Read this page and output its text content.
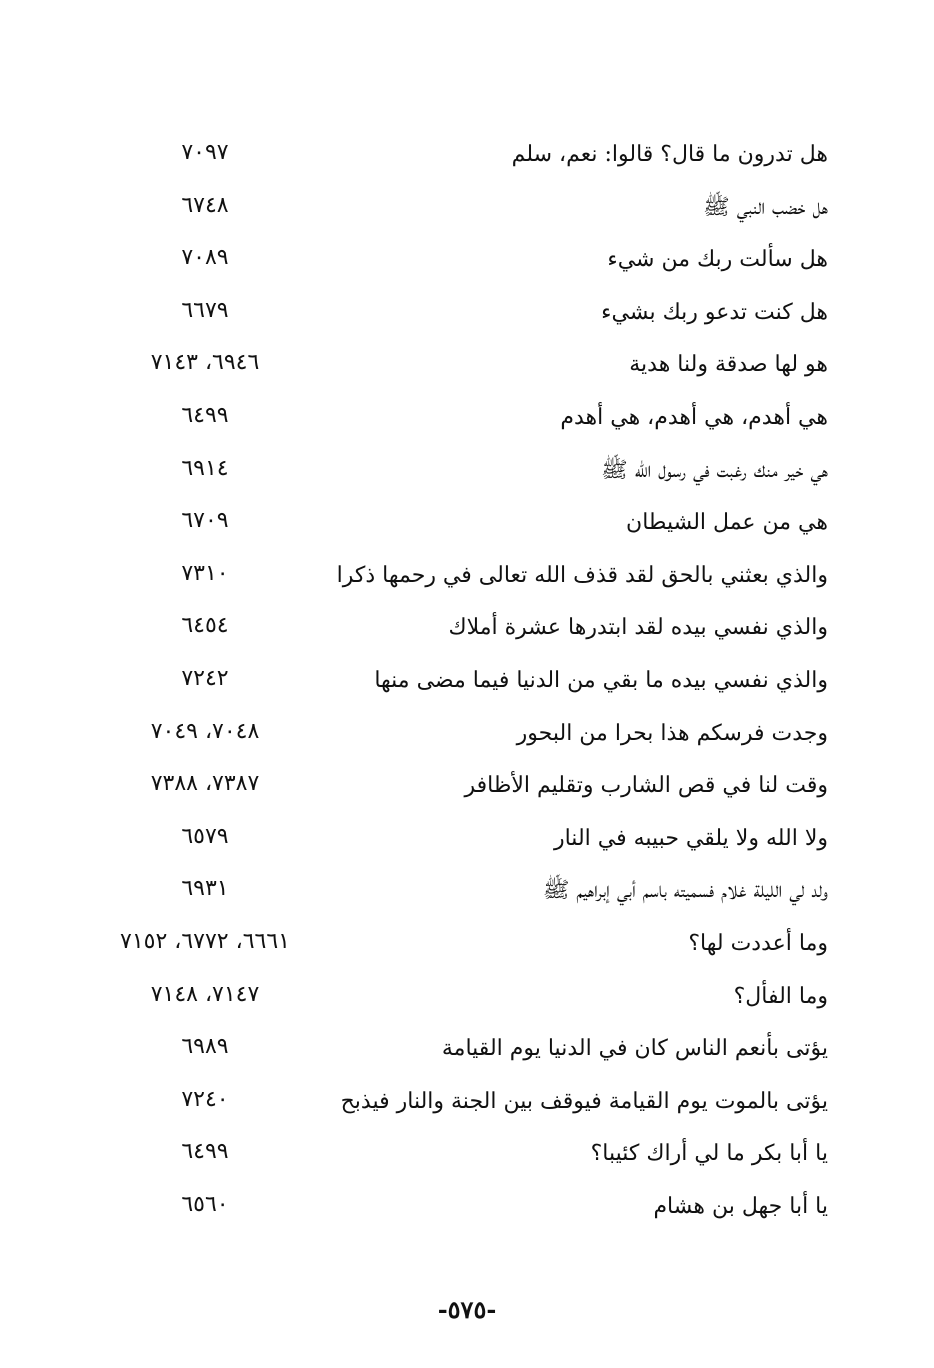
هل تدرون ما قال؟ قالوا: نعم، سلم
٧٠٩٧
هل خضب النبي ﷺ
٦٧٤٨
هل سألت ربك من شيء
٧٠٨٩
هل كنت تدعو ربك بشيء
٦٦٧٩
هو لها صدقة ولنا هدية
٦٩٤٦، ٧١٤٣
هي أهدم، هي أهدم، هي أهدم
٦٤٩٩
هي خير منك رغبت في رسول الله ﷺ
٦٩١٤
هي من عمل الشيطان
٦٧٠٩
والذي بعثني بالحق لقد قذف الله تعالى في رحمها ذكرا
٧٣١٠
والذي نفسي بيده لقد ابتدرها عشرة أملاك
٦٤٥٤
والذي نفسي بيده ما بقي من الدنيا فيما مضى منها
٧٢٤٢
وجدت فرسكم هذا بحرا من البحور
٧٠٤٨، ٧٠٤٩
وقت لنا في قص الشارب وتقليم الأظافر
٧٣٨٧، ٧٣٨٨
ولا الله ولا يلقي حبيبه في النار
٦٥٧٩
ولد لي الليلة غلام فسميته باسم أبي إبراهيم ﷺ
٦٩٣١
وما أعددت لها؟
٦٦٦١، ٦٧٧٢، ٧١٥٢
وما الفأل؟
٧١٤٧، ٧١٤٨
يؤتى بأنعم الناس كان في الدنيا يوم القيامة
٦٩٨٩
يؤتى بالموت يوم القيامة فيوقف بين الجنة والنار فيذبح
٧٢٤٠
يا أبا بكر ما لي أراك كئيبا؟
٦٤٩٩
يا أبا جهل بن هشام
٦٥٦٠
-٥٧٥-
